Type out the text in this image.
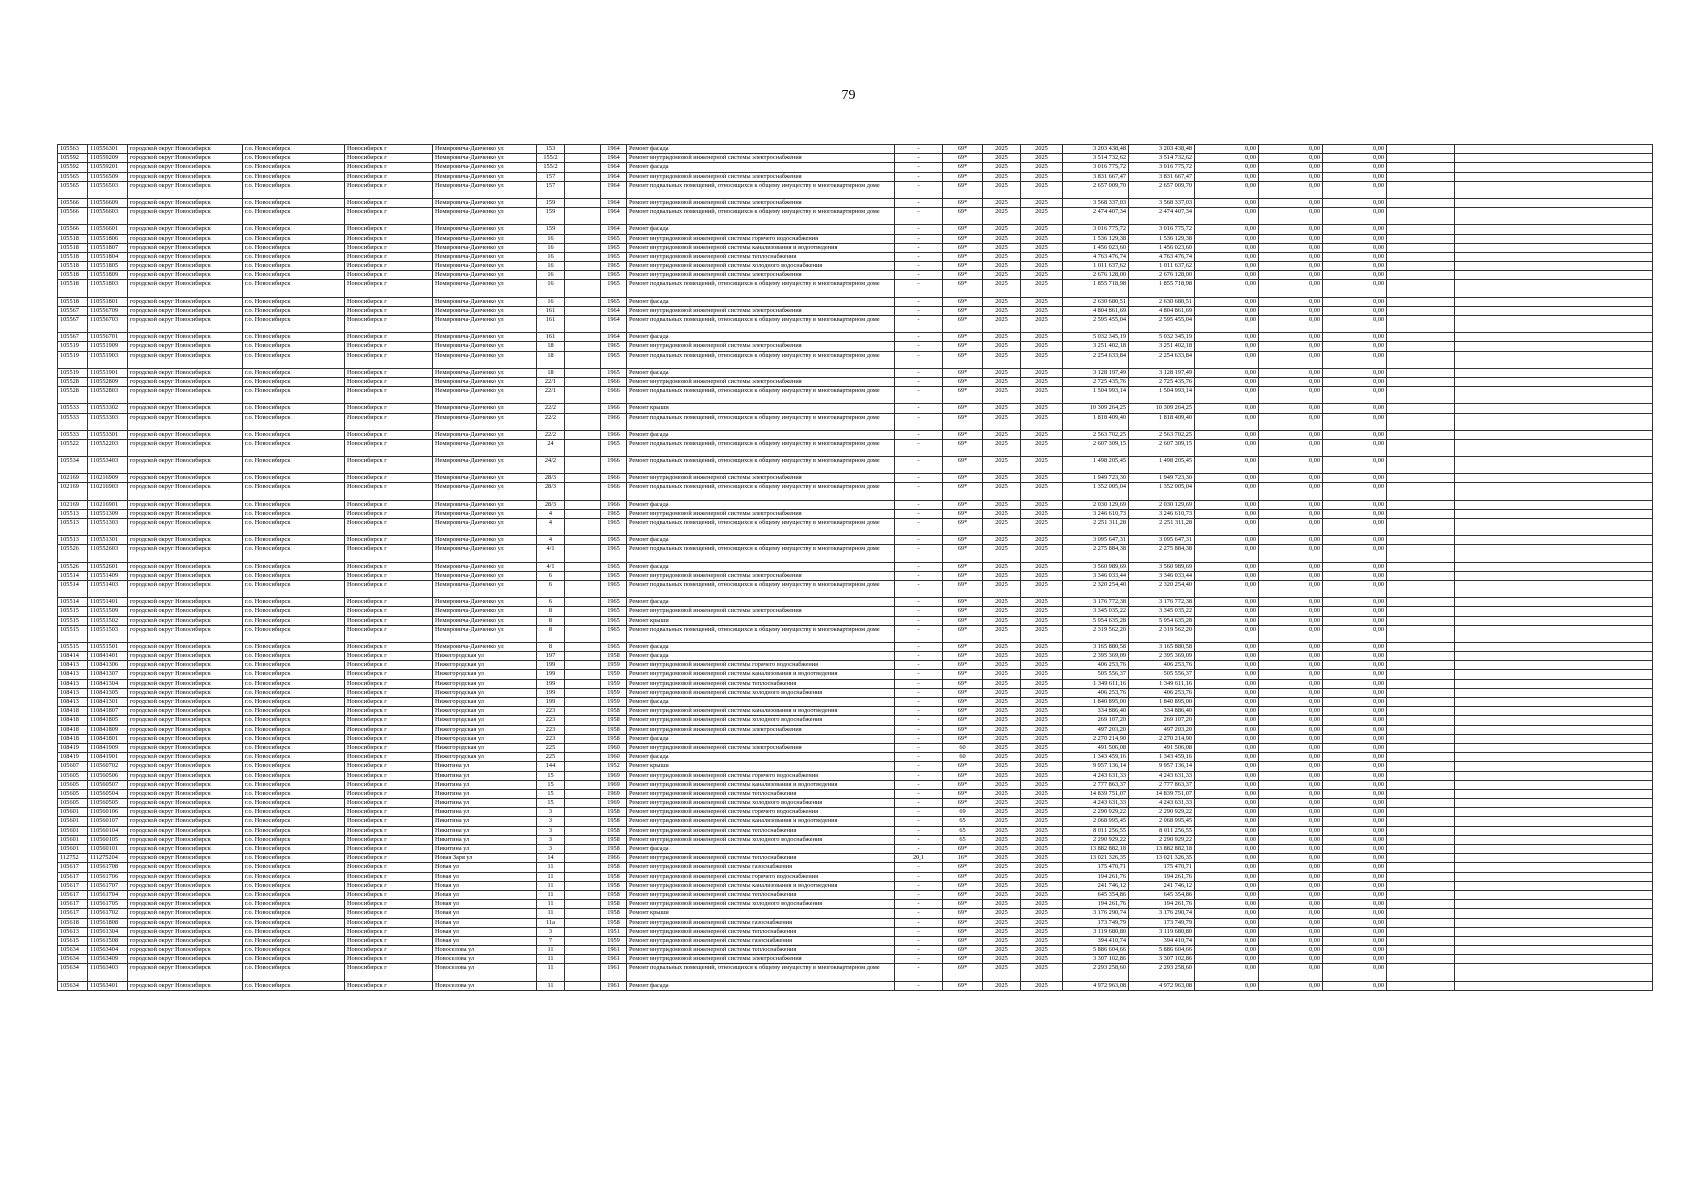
79
105563	110556301	городской округ Новосибирск	г.о. Новосибирск	Новосибирск г	Немировича-Данченко ул	153		1964	Ремонт фасада	-	69*	2025	2025	3 203 438,48	3 203 438,48	0,00	0,00	0,00		
105592	110559209	городской округ Новосибирск	г.о. Новосибирск	Новосибирск г	Немировича-Данченко ул	155/2		1964	Ремонт внутридомовой инженерной системы электроснабжения	-	69*	2025	2025	3 514 732,62	3 514 732,62	0,00	0,00	0,00		
105592	110559201	городской округ Новосибирск	г.о. Новосибирск	Новосибирск г	Немировича-Данченко ул	155/2		1964	Ремонт фасада	-	69*	2025	2025	3 016 775,72	3 016 775,72	0,00	0,00	0,00		
105565	110556509	городской округ Новосибирск	г.о. Новосибирск	Новосибирск г	Немировича-Данченко ул	157		1964	Ремонт внутридомовой инженерной системы электроснабжения	-	69*	2025	2025	3 831 667,47	3 831 667,47	0,00	0,00	0,00		
105565	110556503	городской округ Новосибирск	г.о. Новосибирск	Новосибирск г	Немировича-Данченко ул	157		1964	Ремонт подвальных помещений, относящихся к общему имуществу в многоквартирном доме	-	69*	2025	2025	2 657 009,70	2 657 009,70	0,00	0,00	0,00		
105566	110556609	городской округ Новосибирск	г.о. Новосибирск	Новосибирск г	Немировича-Данченко ул	159		1964	Ремонт внутридомовой инженерной системы электроснабжения	-	69*	2025	2025	3 568 337,03	3 568 337,03	0,00	0,00	0,00		
105566	110556603	городской округ Новосибирск	г.о. Новосибирск	Новосибирск г	Немировича-Данченко ул	159		1964	Ремонт подвальных помещений, относящихся к общему имуществу в многоквартирном доме	-	69*	2025	2025	2 474 407,34	2 474 407,34	0,00	0,00	0,00		
105566	110556601	городской округ Новосибирск	г.о. Новосибирск	Новосибирск г	Немировича-Данченко ул	159		1964	Ремонт фасада	-	69*	2025	2025	3 016 775,72	3 016 775,72	0,00	0,00	0,00		
105518	110551806	городской округ Новосибирск	г.о. Новосибирск	Новосибирск г	Немировича-Данченко ул	16		1965	Ремонт внутридомовой инженерной системы горячего водоснабжения	-	69*	2025	2025	1 536 129,38	1 536 129,38	0,00	0,00	0,00		
105518	110551807	городской округ Новосибирск	г.о. Новосибирск	Новосибирск г	Немировича-Данченко ул	16		1965	Ремонт внутридомовой инженерной системы канализования и водоотведения	-	69*	2025	2025	1 456 023,60	1 456 023,60	0,00	0,00	0,00		
105518	110551804	городской округ Новосибирск	г.о. Новосибирск	Новосибирск г	Немировича-Данченко ул	16		1965	Ремонт внутридомовой инженерной системы теплоснабжения	-	69*	2025	2025	4 763 476,74	4 763 476,74	0,00	0,00	0,00		
105518	110551805	городской округ Новосибирск	г.о. Новосибирск	Новосибирск г	Немировича-Данченко ул	16		1965	Ремонт внутридомовой инженерной системы холодного водоснабжения	-	69*	2025	2025	1 011 637,62	1 011 637,62	0,00	0,00	0,00		
105518	110551809	городской округ Новосибирск	г.о. Новосибирск	Новосибирск г	Немировича-Данченко ул	16		1965	Ремонт внутридомовой инженерной системы электроснабжения	-	69*	2025	2025	2 676 128,00	2 676 128,00	0,00	0,00	0,00		
105518	110551803	городской округ Новосибирск	г.о. Новосибирск	Новосибирск г	Немировича-Данченко ул	16		1965	Ремонт подвальных помещений, относящихся к общему имуществу в многоквартирном доме	-	69*	2025	2025	1 855 718,98	1 855 718,98	0,00	0,00	0,00		
105518	110551801	городской округ Новосибирск	г.о. Новосибирск	Новосибирск г	Немировича-Данченко ул	16		1965	Ремонт фасада	-	69*	2025	2025	2 630 680,51	2 630 680,51	0,00	0,00	0,00		
105567	110556709	городской округ Новосибирск	г.о. Новосибирск	Новосибирск г	Немировича-Данченко ул	161		1964	Ремонт внутридомовой инженерной системы электроснабжения	-	69*	2025	2025	4 804 861,69	4 804 861,69	0,00	0,00	0,00		
105567	110556703	городской округ Новосибирск	г.о. Новосибирск	Новосибирск г	Немировича-Данченко ул	161		1964	Ремонт подвальных помещений, относящихся к общему имуществу в многоквартирном доме	-	69*	2025	2025	2 595 455,04	2 595 455,04	0,00	0,00	0,00		
105567	110556701	городской округ Новосибирск	г.о. Новосибирск	Новосибирск г	Немировича-Данченко ул	161		1964	Ремонт фасада	-	69*	2025	2025	5 032 345,19	5 032 345,19	0,00	0,00	0,00		
105519	110551909	городской округ Новосибирск	г.о. Новосибирск	Новосибирск г	Немировича-Данченко ул	18		1965	Ремонт внутридомовой инженерной системы электроснабжения	-	69*	2025	2025	3 251 402,18	3 251 402,18	0,00	0,00	0,00		
105519	110551903	городской округ Новосибирск	г.о. Новосибирск	Новосибирск г	Немировича-Данченко ул	18		1965	Ремонт подвальных помещений, относящихся к общему имуществу в многоквартирном доме	-	69*	2025	2025	2 254 633,84	2 254 633,84	0,00	0,00	0,00		
105519	110551901	городской округ Новосибирск	г.о. Новосибирск	Новосибирск г	Немировича-Данченко ул	18		1965	Ремонт фасада	-	69*	2025	2025	3 128 197,49	3 128 197,49	0,00	0,00	0,00		
105528	110552809	городской округ Новосибирск	г.о. Новосибирск	Новосибирск г	Немировича-Данченко ул	22/1		1966	Ремонт внутридомовой инженерной системы электроснабжения	-	69*	2025	2025	2 725 435,76	2 725 435,76	0,00	0,00	0,00		
105528	110552803	городской округ Новосибирск	г.о. Новосибирск	Новосибирск г	Немировича-Данченко ул	22/1		1966	Ремонт подвальных помещений, относящихся к общему имуществу в многоквартирном доме	-	69*	2025	2025	1 504 993,14	1 504 993,14	0,00	0,00	0,00		
105533	110553302	городской округ Новосибирск	г.о. Новосибирск	Новосибирск г	Немировича-Данченко ул	22/2		1966	Ремонт крыши	-	69*	2025	2025	10 309 264,25	10 309 264,25	0,00	0,00	0,00		
105533	110553303	городской округ Новосибирск	г.о. Новосибирск	Новосибирск г	Немировича-Данченко ул	22/2		1966	Ремонт подвальных помещений, относящихся к общему имуществу в многоквартирном доме	-	69*	2025	2025	1 818 409,40	1 818 409,40	0,00	0,00	0,00		
105533	110553301	городской округ Новосибирск	г.о. Новосибирск	Новосибирск г	Немировича-Данченко ул	22/2		1966	Ремонт фасада	-	69*	2025	2025	2 563 702,25	2 563 702,25	0,00	0,00	0,00		
105522	110552203	городской округ Новосибирск	г.о. Новосибирск	Новосибирск г	Немировича-Данченко ул	24		1965	Ремонт подвальных помещений, относящихся к общему имуществу в многоквартирном доме	-	69*	2025	2025	2 607 309,15	2 607 309,15	0,00	0,00	0,00		
105534	110553403	городской округ Новосибирск	г.о. Новосибирск	Новосибирск г	Немировича-Данченко ул	24/2		1966	Ремонт подвальных помещений, относящихся к общему имуществу в многоквартирном доме	-	69*	2025	2025	1 498 205,45	1 498 205,45	0,00	0,00	0,00		
102169	110216909	городской округ Новосибирск	г.о. Новосибирск	Новосибирск г	Немировича-Данченко ул	28/3		1966	Ремонт внутридомовой инженерной системы электроснабжения	-	69*	2025	2025	1 949 723,30	1 949 723,30	0,00	0,00	0,00		
102169	110216903	городской округ Новосибирск	г.о. Новосибирск	Новосибирск г	Немировича-Данченко ул	28/3		1966	Ремонт подвальных помещений, относящихся к общему имуществу в многоквартирном доме	-	69*	2025	2025	1 352 005,04	1 352 005,04	0,00	0,00	0,00		
102169	110216901	городской округ Новосибирск	г.о. Новосибирск	Новосибирск г	Немировича-Данченко ул	28/3		1966	Ремонт фасада	-	69*	2025	2025	2 030 129,69	2 030 129,69	0,00	0,00	0,00		
105513	110551309	городской округ Новосибирск	г.о. Новосибирск	Новосибирск г	Немировича-Данченко ул	4		1965	Ремонт внутридомовой инженерной системы электроснабжения	-	69*	2025	2025	3 246 610,73	3 246 610,73	0,00	0,00	0,00		
105513	110551303	городской округ Новосибирск	г.о. Новосибирск	Новосибирск г	Немировича-Данченко ул	4		1965	Ремонт подвальных помещений, относящихся к общему имуществу в многоквартирном доме	-	69*	2025	2025	2 251 311,28	2 251 311,28	0,00	0,00	0,00		
105513	110551301	городской округ Новосибирск	г.о. Новосибирск	Новосибирск г	Немировича-Данченко ул	4		1965	Ремонт фасада	-	69*	2025	2025	3 095 647,31	3 095 647,31	0,00	0,00	0,00		
105526	110552603	городской округ Новосибирск	г.о. Новосибирск	Новосибирск г	Немировича-Данченко ул	4/1		1965	Ремонт подвальных помещений, относящихся к общему имуществу в многоквартирном доме	-	69*	2025	2025	2 275 884,38	2 275 884,38	0,00	0,00	0,00		
105526	110552601	городской округ Новосибирск	г.о. Новосибирск	Новосибирск г	Немировича-Данченко ул	4/1		1965	Ремонт фасада	-	69*	2025	2025	3 560 989,69	3 560 989,69	0,00	0,00	0,00		
105514	110551409	городской округ Новосибирск	г.о. Новосибирск	Новосибирск г	Немировича-Данченко ул	6		1965	Ремонт внутридомовой инженерной системы электроснабжения	-	69*	2025	2025	3 346 033,44	3 346 033,44	0,00	0,00	0,00		
105514	110551403	городской округ Новосибирск	г.о. Новосибирск	Новосибирск г	Немировича-Данченко ул	6		1965	Ремонт подвальных помещений, относящихся к общему имуществу в многоквартирном доме	-	69*	2025	2025	2 320 254,40	2 320 254,40	0,00	0,00	0,00		
105514	110551401	городской округ Новосибирск	г.о. Новосибирск	Новосибирск г	Немировича-Данченко ул	6		1965	Ремонт фасада	-	69*	2025	2025	3 176 772,38	3 176 772,38	0,00	0,00	0,00		
105515	110551509	городской округ Новосибирск	г.о. Новосибирск	Новосибирск г	Немировича-Данченко ул	8		1965	Ремонт внутридомовой инженерной системы электроснабжения	-	69*	2025	2025	3 345 035,22	3 345 035,22	0,00	0,00	0,00		
105515	110551502	городской округ Новосибирск	г.о. Новосибирск	Новосибирск г	Немировича-Данченко ул	8		1965	Ремонт крыши	-	69*	2025	2025	5 954 635,28	5 954 635,28	0,00	0,00	0,00		
105515	110551503	городской округ Новосибирск	г.о. Новосибирск	Новосибирск г	Немировича-Данченко ул	8		1965	Ремонт подвальных помещений, относящихся к общему имуществу в многоквартирном доме	-	69*	2025	2025	2 319 562,20	2 319 562,20	0,00	0,00	0,00		
105515	110551501	городской округ Новосибирск	г.о. Новосибирск	Новосибирск г	Немировича-Данченко ул	8		1965	Ремонт фасада	-	69*	2025	2025	3 165 880,58	3 165 880,58	0,00	0,00	0,00		
108414	110841401	городской округ Новосибирск	г.о. Новосибирск	Новосибирск г	Нижегородская ул	197		1958	Ремонт фасада	-	69*	2025	2025	2 395 369,09	2 395 369,09	0,00	0,00	0,00		
108413	110841306	городской округ Новосибирск	г.о. Новосибирск	Новосибирск г	Нижегородская ул	199		1959	Ремонт внутридомовой инженерной системы горячего водоснабжения	-	69*	2025	2025	406 253,76	406 253,76	0,00	0,00	0,00		
108413	110841307	городской округ Новосибирск	г.о. Новосибирск	Новосибирск г	Нижегородская ул	199		1959	Ремонт внутридомовой инженерной системы канализования и водоотведения	-	69*	2025	2025	505 556,37	505 556,37	0,00	0,00	0,00		
108413	110841304	городской округ Новосибирск	г.о. Новосибирск	Новосибирск г	Нижегородская ул	199		1959	Ремонт внутридомовой инженерной системы теплоснабжения	-	69*	2025	2025	1 349 611,16	1 349 611,16	0,00	0,00	0,00		
108413	110841305	городской округ Новосибирск	г.о. Новосибирск	Новосибирск г	Нижегородская ул	199		1959	Ремонт внутридомовой инженерной системы холодного водоснабжения	-	69*	2025	2025	406 253,76	406 253,76	0,00	0,00	0,00		
108413	110841301	городской округ Новосибирск	г.о. Новосибирск	Новосибирск г	Нижегородская ул	199		1959	Ремонт фасада	-	69*	2025	2025	1 840 895,00	1 840 895,00	0,00	0,00	0,00		
108418	110841807	городской округ Новосибирск	г.о. Новосибирск	Новосибирск г	Нижегородская ул	223		1958	Ремонт внутридомовой инженерной системы канализования и водоотведения	-	69*	2025	2025	334 886,40	334 886,40	0,00	0,00	0,00		
108418	110841805	городской округ Новосибирск	г.о. Новосибирск	Новосибирск г	Нижегородская ул	223		1958	Ремонт внутридомовой инженерной системы холодного водоснабжения	-	69*	2025	2025	269 107,20	269 107,20	0,00	0,00	0,00		
108418	110841809	городской округ Новосибирск	г.о. Новосибирск	Новосибирск г	Нижегородская ул	223		1958	Ремонт внутридомовой инженерной системы электроснабжения	-	69*	2025	2025	497 203,20	497 203,20	0,00	0,00	0,00		
108418	110841801	городской округ Новосибирск	г.о. Новосибирск	Новосибирск г	Нижегородская ул	223		1958	Ремонт фасада	-	69*	2025	2025	2 270 214,90	2 270 214,90	0,00	0,00	0,00		
108419	110841909	городской округ Новосибирск	г.о. Новосибирск	Новосибирск г	Нижегородская ул	225		1960	Ремонт внутридомовой инженерной системы электроснабжения	-	60	2025	2025	491 506,08	491 506,08	0,00	0,00	0,00		
108419	110841901	городской округ Новосибирск	г.о. Новосибирск	Новосибирск г	Нижегородская ул	225		1960	Ремонт фасада	-	60	2025	2025	1 343 459,16	1 343 459,16	0,00	0,00	0,00		
105607	110560702	городской округ Новосибирск	г.о. Новосибирск	Новосибирск г	Никитина ул	144		1952	Ремонт крыши	-	69*	2025	2025	9 957 136,14	9 957 136,14	0,00	0,00	0,00		
105605	110560506	городской округ Новосибирск	г.о. Новосибирск	Новосибирск г	Никитина ул	15		1969	Ремонт внутридомовой инженерной системы горячего водоснабжения	-	69*	2025	2025	4 243 631,33	4 243 631,33	0,00	0,00	0,00		
105605	110560507	городской округ Новосибирск	г.о. Новосибирск	Новосибирск г	Никитина ул	15		1969	Ремонт внутридомовой инженерной системы канализования и водоотведения	-	69*	2025	2025	2 777 863,37	2 777 863,37	0,00	0,00	0,00		
105605	110560504	городской округ Новосибирск	г.о. Новосибирск	Новосибирск г	Никитина ул	15		1969	Ремонт внутридомовой инженерной системы теплоснабжения	-	69*	2025	2025	14 839 751,07	14 839 751,07	0,00	0,00	0,00		
105605	110560505	городской округ Новосибирск	г.о. Новосибирск	Новосибирск г	Никитина ул	15		1969	Ремонт внутридомовой инженерной системы холодного водоснабжения	-	69*	2025	2025	4 243 631,33	4 243 631,33	0,00	0,00	0,00		
105601	110560106	городской округ Новосибирск	г.о. Новосибирск	Новосибирск г	Никитина ул	3		1958	Ремонт внутридомовой инженерной системы горячего водоснабжения	-	69	2025	2025	2 290 929,22	2 290 929,22	0,00	0,00	0,00		
105601	110560107	городской округ Новосибирск	г.о. Новосибирск	Новосибирск г	Никитина ул	3		1958	Ремонт внутридомовой инженерной системы канализования и водоотведения	-	65	2025	2025	2 068 995,45	2 068 995,45	0,00	0,00	0,00		
105601	110560104	городской округ Новосибирск	г.о. Новосибирск	Новосибирск г	Никитина ул	3		1958	Ремонт внутридомовой инженерной системы теплоснабжения	-	65	2025	2025	8 011 256,55	8 011 256,55	0,00	0,00	0,00		
105601	110560105	городской округ Новосибирск	г.о. Новосибирск	Новосибирск г	Никитина ул	3		1958	Ремонт внутридомовой инженерной системы холодного водоснабжения	-	65	2025	2025	2 290 929,22	2 290 929,22	0,00	0,00	0,00		
105601	110560101	городской округ Новосибирск	г.о. Новосибирск	Новосибирск г	Никитина ул	3		1958	Ремонт фасада	-	69*	2025	2025	13 882 882,18	13 882 882,18	0,00	0,00	0,00		
112752	111275204	городской округ Новосибирск	г.о. Новосибирск	Новосибирск г	Новая Заря ул	14		1966	Ремонт внутридомовой инженерной системы теплоснабжения	20,1	16*	2025	2025	13 021 326,35	13 021 326,35	0,00	0,00	0,00		
105617	110561708	городской округ Новосибирск	г.о. Новосибирск	Новосибирск г	Новая ул	11		1958	Ремонт внутридомовой инженерной системы газоснабжения	-	69*	2025	2025	175 470,71	175 470,71	0,00	0,00	0,00		
105617	110561706	городской округ Новосибирск	г.о. Новосибирск	Новосибирск г	Новая ул	11		1958	Ремонт внутридомовой инженерной системы горячего водоснабжения	-	69*	2025	2025	194 261,76	194 261,76	0,00	0,00	0,00		
105617	110561707	городской округ Новосибирск	г.о. Новосибирск	Новосибирск г	Новая ул	11		1958	Ремонт внутридомовой инженерной системы канализования и водоотведения	-	69*	2025	2025	241 746,12	241 746,12	0,00	0,00	0,00		
105617	110561704	городской округ Новосибирск	г.о. Новосибирск	Новосибирск г	Новая ул	11		1958	Ремонт внутридомовой инженерной системы теплоснабжения	-	69*	2025	2025	645 354,86	645 354,86	0,00	0,00	0,00		
105617	110561705	городской округ Новосибирск	г.о. Новосибирск	Новосибирск г	Новая ул	11		1958	Ремонт внутридомовой инженерной системы холодного водоснабжения	-	69*	2025	2025	194 261,76	194 261,76	0,00	0,00	0,00		
105617	110561702	городской округ Новосибирск	г.о. Новосибирск	Новосибирск г	Новая ул	11		1958	Ремонт крыши	-	69*	2025	2025	3 176 290,74	3 176 290,74	0,00	0,00	0,00		
105618	110561808	городской округ Новосибирск	г.о. Новосибирск	Новосибирск г	Новая ул	11а		1958	Ремонт внутридомовой инженерной системы газоснабжения	-	69*	2025	2025	173 749,79	173 749,79	0,00	0,00	0,00		
105613	110561304	городской округ Новосибирск	г.о. Новосибирск	Новосибирск г	Новая ул	3		1951	Ремонт внутридомовой инженерной системы теплоснабжения	-	69*	2025	2025	3 119 680,80	3 119 680,80	0,00	0,00	0,00		
105615	110561508	городской округ Новосибирск	г.о. Новосибирск	Новосибирск г	Новая ул	7		1959	Ремонт внутридомовой инженерной системы газоснабжения	-	69*	2025	2025	394 410,74	394 410,74	0,00	0,00	0,00		
105634	110563404	городской округ Новосибирск	г.о. Новосибирск	Новосибирск г	Новоселова ул	11		1961	Ремонт внутридомовой инженерной системы теплоснабжения	-	69*	2025	2025	5 886 604,66	5 886 604,66	0,00	0,00	0,00		
105634	110563409	городской округ Новосибирск	г.о. Новосибирск	Новосибирск г	Новоселова ул	11		1961	Ремонт внутридомовой инженерной системы электроснабжения	-	69*	2025	2025	3 307 102,86	3 307 102,86	0,00	0,00	0,00		
105634	110563403	городской округ Новосибирск	г.о. Новосибирск	Новосибирск г	Новоселова ул	11		1961	Ремонт подвальных помещений, относящихся к общему имуществу в многоквартирном доме	-	69*	2025	2025	2 293 258,60	2 293 258,60	0,00	0,00	0,00		
105634	110563401	городской округ Новосибирск	г.о. Новосибирск	Новосибирск г	Новоселова ул	11		1961	Ремонт фасада	-	69*	2025	2025	4 972 963,08	4 972 963,08	0,00	0,00	0,00		
